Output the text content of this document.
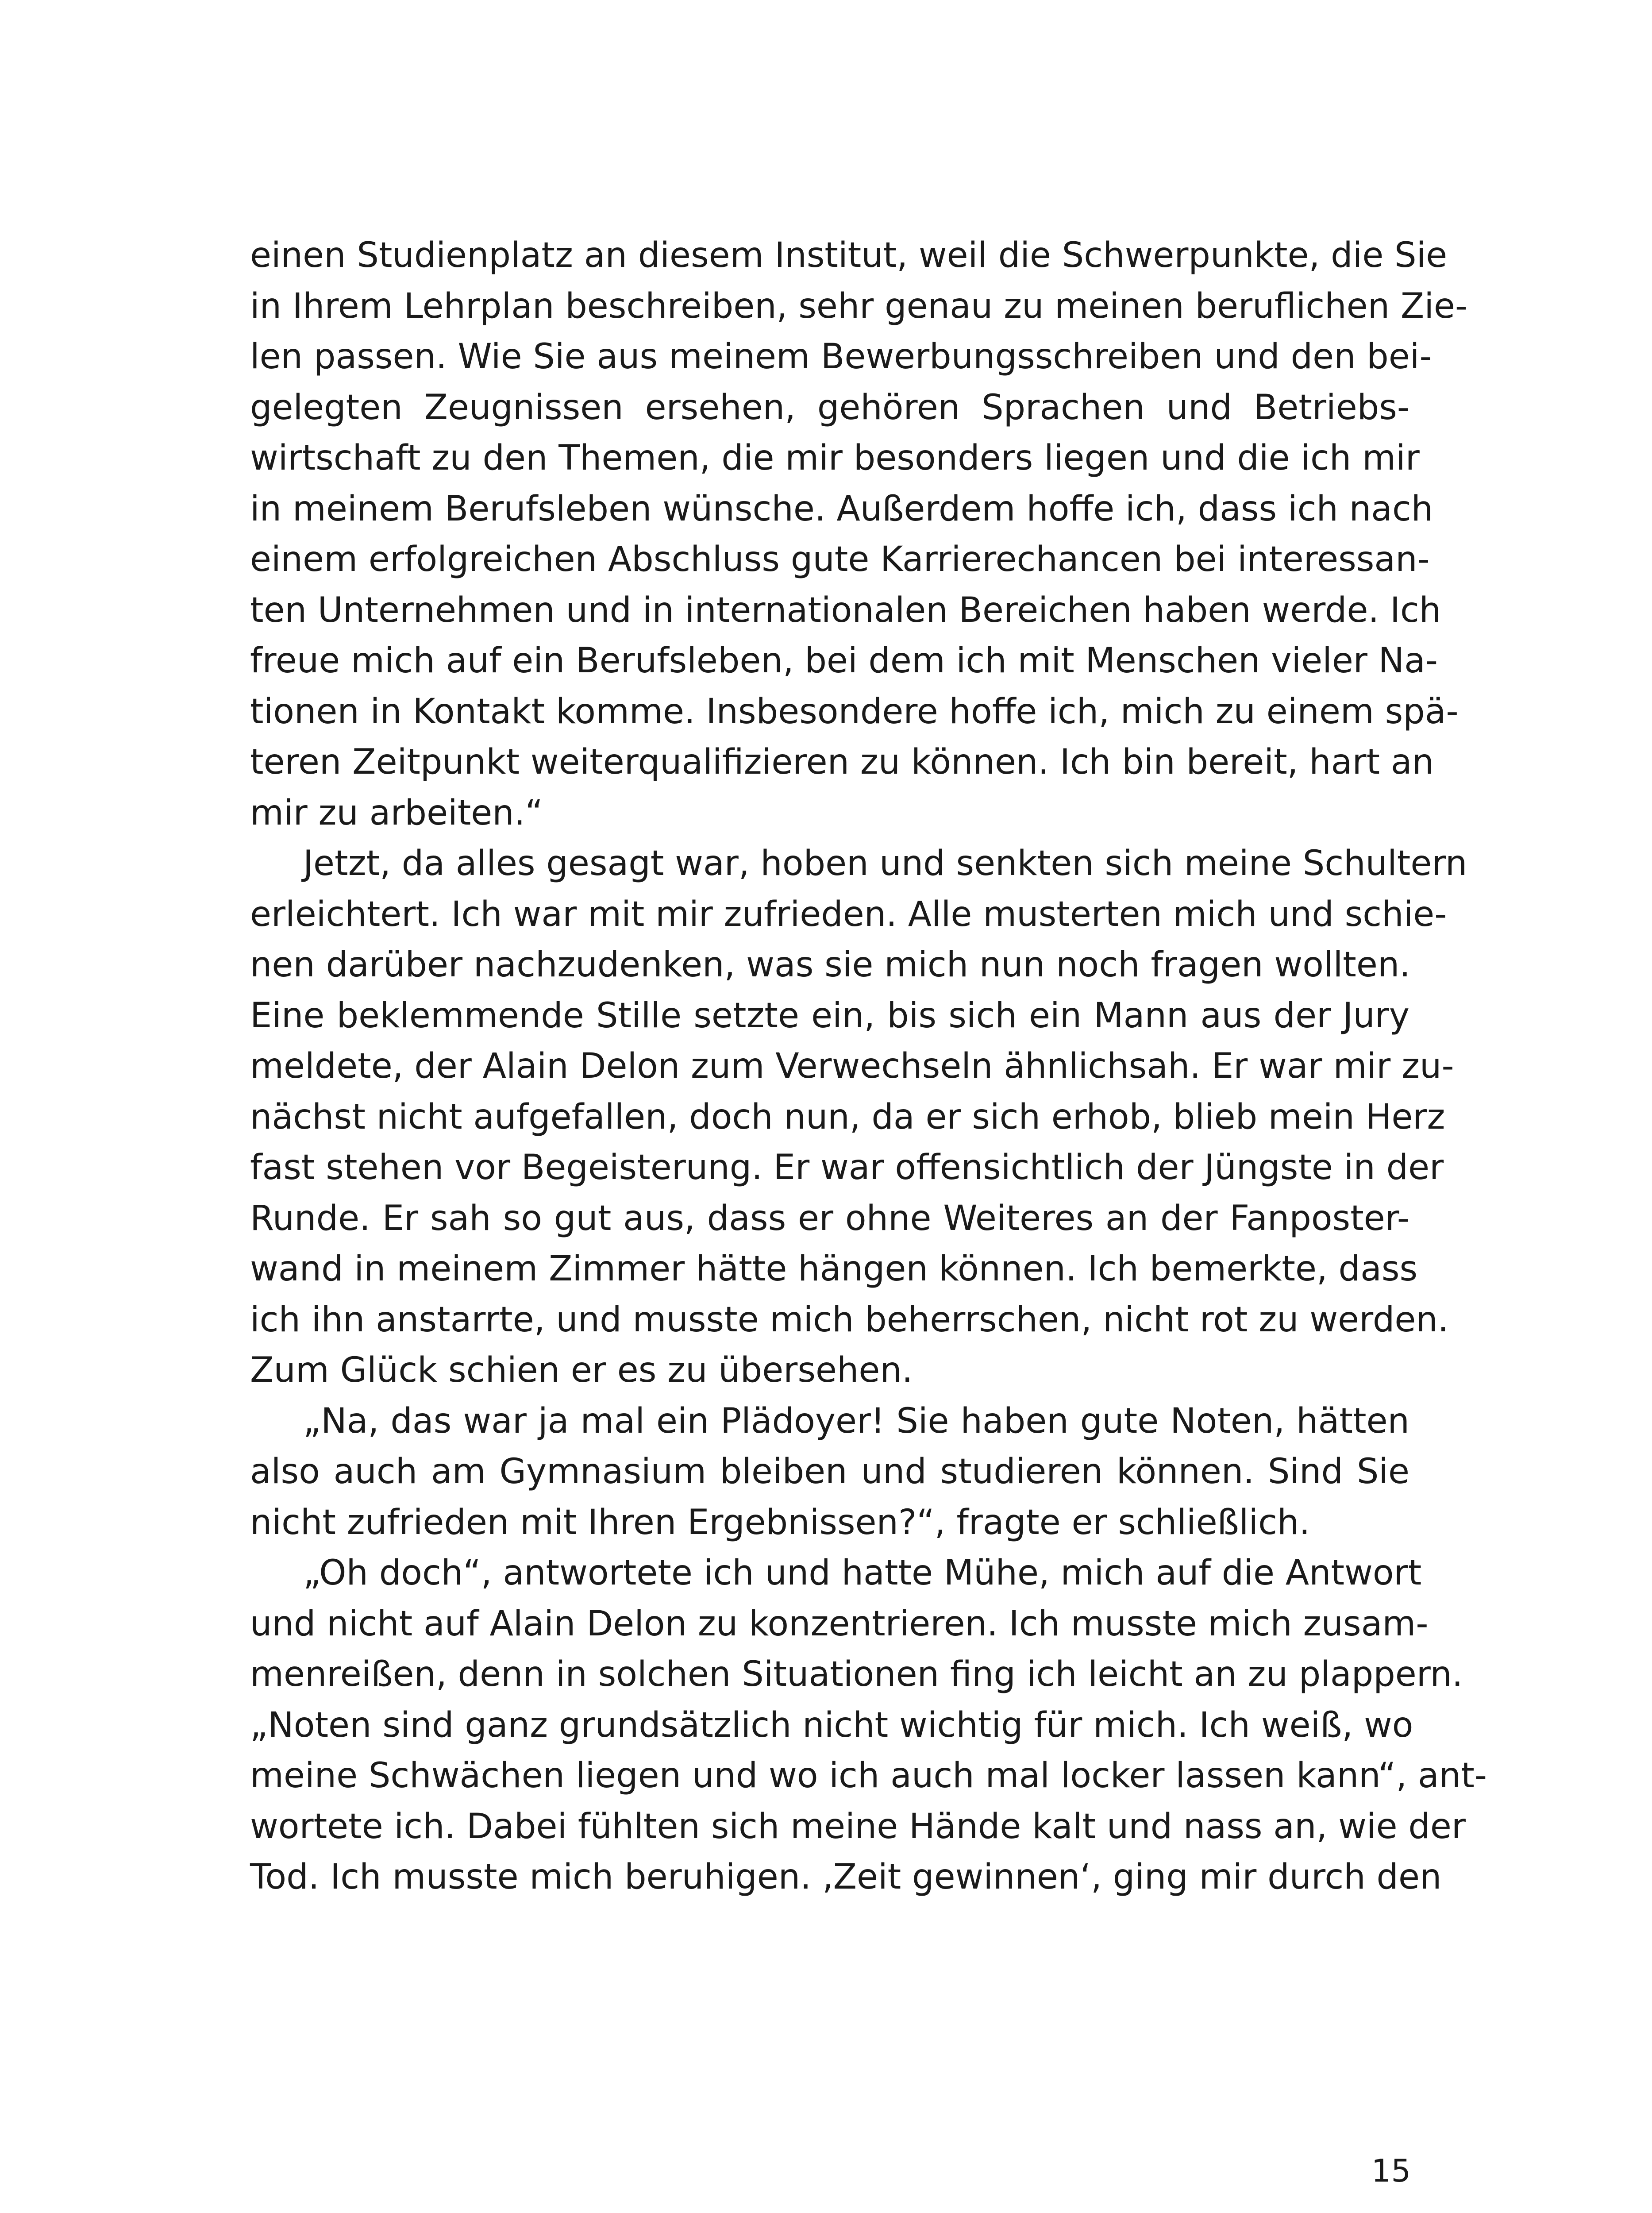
einen Studienplatz an diesem Institut, weil die Schwerpunkte, die Sie
in Ihrem Lehrplan beschreiben, sehr genau zu meinen beruflichen Zie-
len passen. Wie Sie aus meinem Bewerbungsschreiben und den bei-
gelegten Zeugnissen ersehen, gehören Sprachen und Betriebs-
wirtschaft zu den Themen, die mir besonders liegen und die ich mir
in meinem Berufsleben wünsche. Außerdem hoffe ich, dass ich nach
einem erfolgreichen Abschluss gute Karrierechancen bei interessan-
ten Unternehmen und in internationalen Bereichen haben werde. Ich
freue mich auf ein Berufsleben, bei dem ich mit Menschen vieler Na-
tionen in Kontakt komme. Insbesondere hoffe ich, mich zu einem spä-
teren Zeitpunkt weiterqualifizieren zu können. Ich bin bereit, hart an
mir zu arbeiten.“
Jetzt, da alles gesagt war, hoben und senkten sich meine Schultern
erleichtert. Ich war mit mir zufrieden. Alle musterten mich und schie-
nen darüber nachzudenken, was sie mich nun noch fragen wollten.
Eine beklemmende Stille setzte ein, bis sich ein Mann aus der Jury
meldete, der Alain Delon zum Verwechseln ähnlichsah. Er war mir zu-
nächst nicht aufgefallen, doch nun, da er sich erhob, blieb mein Herz
fast stehen vor Begeisterung. Er war offensichtlich der Jüngste in der
Runde. Er sah so gut aus, dass er ohne Weiteres an der Fanposter-
wand in meinem Zimmer hätte hängen können. Ich bemerkte, dass
ich ihn anstarrte, und musste mich beherrschen, nicht rot zu werden.
Zum Glück schien er es zu übersehen.
„Na, das war ja mal ein Plädoyer! Sie haben gute Noten, hätten
also auch am Gymnasium bleiben und studieren können. Sind Sie
nicht zufrieden mit Ihren Ergebnissen?“, fragte er schließlich.
„Oh doch“, antwortete ich und hatte Mühe, mich auf die Antwort
und nicht auf Alain Delon zu konzentrieren. Ich musste mich zusam-
menreißen, denn in solchen Situationen fing ich leicht an zu plappern.
„Noten sind ganz grundsätzlich nicht wichtig für mich. Ich weiß, wo
meine Schwächen liegen und wo ich auch mal locker lassen kann“, ant-
wortete ich. Dabei fühlten sich meine Hände kalt und nass an, wie der
Tod. Ich musste mich beruhigen. ‚Zeit gewinnen‘, ging mir durch den
15
